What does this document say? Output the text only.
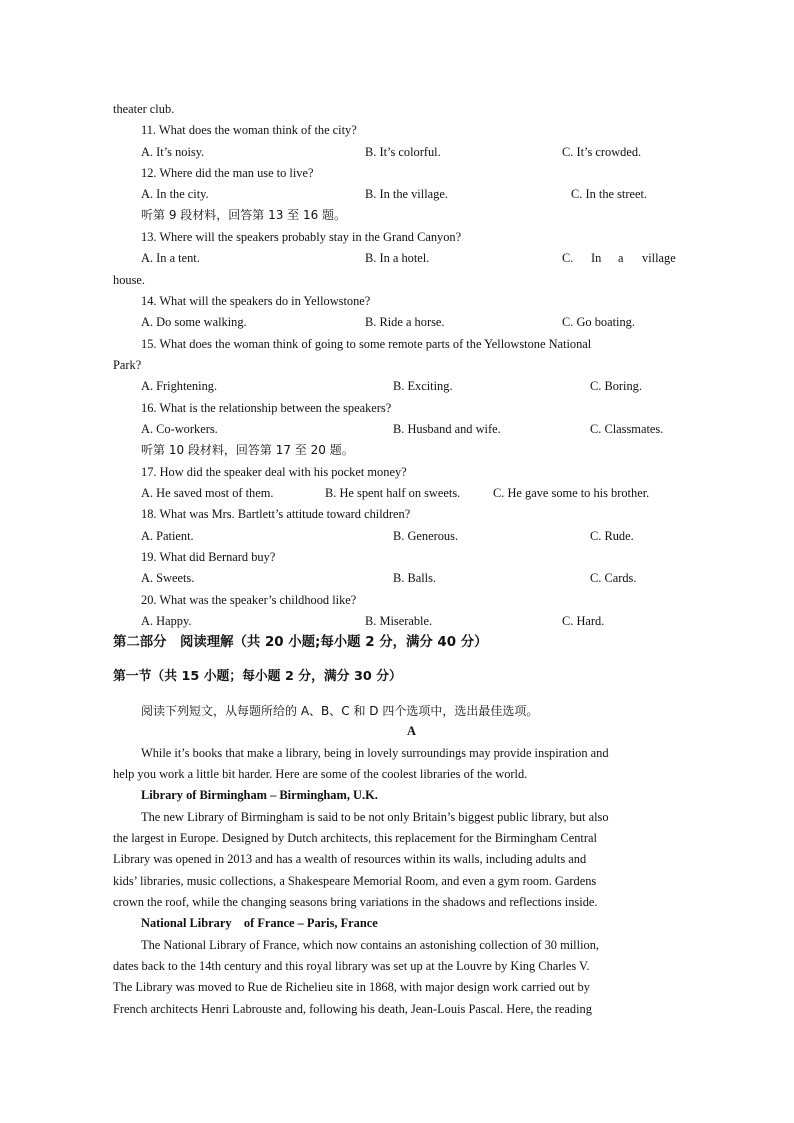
theater club.
11. What does the woman think of the city?
A. It’s noisy.	B. It’s colorful.	C. It’s crowded.
12. Where did the man use to live?
A. In the city.	B. In the village.	C. In the street.
听第 9 段材料，回答第 13 至 16 题。
13. Where will the speakers probably stay in the Grand Canyon?
A. In a tent.	B. In a hotel.	C. In a village
house.
14. What will the speakers do in Yellowstone?
A. Do some walking.	B. Ride a horse.	C. Go boating.
15. What does the woman think of going to some remote parts of the Yellowstone National
Park?
A. Frightening.	B. Exciting.	C. Boring.
16. What is the relationship between the speakers?
A. Co-workers.	B. Husband and wife.	C. Classmates.
听第 10 段材料，回答第 17 至 20 题。
17. How did the speaker deal with his pocket money?
A. He saved most of them.	B. He spent half on sweets.	C. He gave some to his brother.
18. What was Mrs. Bartlett’s attitude toward children?
A. Patient.	B. Generous.	C. Rude.
19. What did Bernard buy?
A. Sweets.	B. Balls.	C. Cards.
20. What was the speaker’s childhood like?
A. Happy.	B. Miserable.	C. Hard.
第二部分　阅读理解（共 20 小题;每小题 2 分，满分 40 分）
第一节（共 15 小题；每小题 2 分，满分 30 分）
阅读下列短文，从每题所给的 A、B、C 和 D 四个选项中，选出最佳选项。
A
While it’s books that make a library, being in lovely surroundings may provide inspiration and
help you work a little bit harder. Here are some of the coolest libraries of the world.
Library of Birmingham – Birmingham, U.K.
The new Library of Birmingham is said to be not only Britain’s biggest public library, but also
the largest in Europe. Designed by Dutch architects, this replacement for the Birmingham Central
Library was opened in 2013 and has a wealth of resources within its walls, including adults and
kids’ libraries, music collections, a Shakespeare Memorial Room, and even a gym room. Gardens
crown the roof, while the changing seasons bring variations in the shadows and reflections inside.
National Library　of France – Paris, France
The National Library of France, which now contains an astonishing collection of 30 million,
dates back to the 14th century and this royal library was set up at the Louvre by King Charles V.
The Library was moved to Rue de Richelieu site in 1868, with major design work carried out by
French architects Henri Labrouste and, following his death, Jean-Louis Pascal. Here, the reading
